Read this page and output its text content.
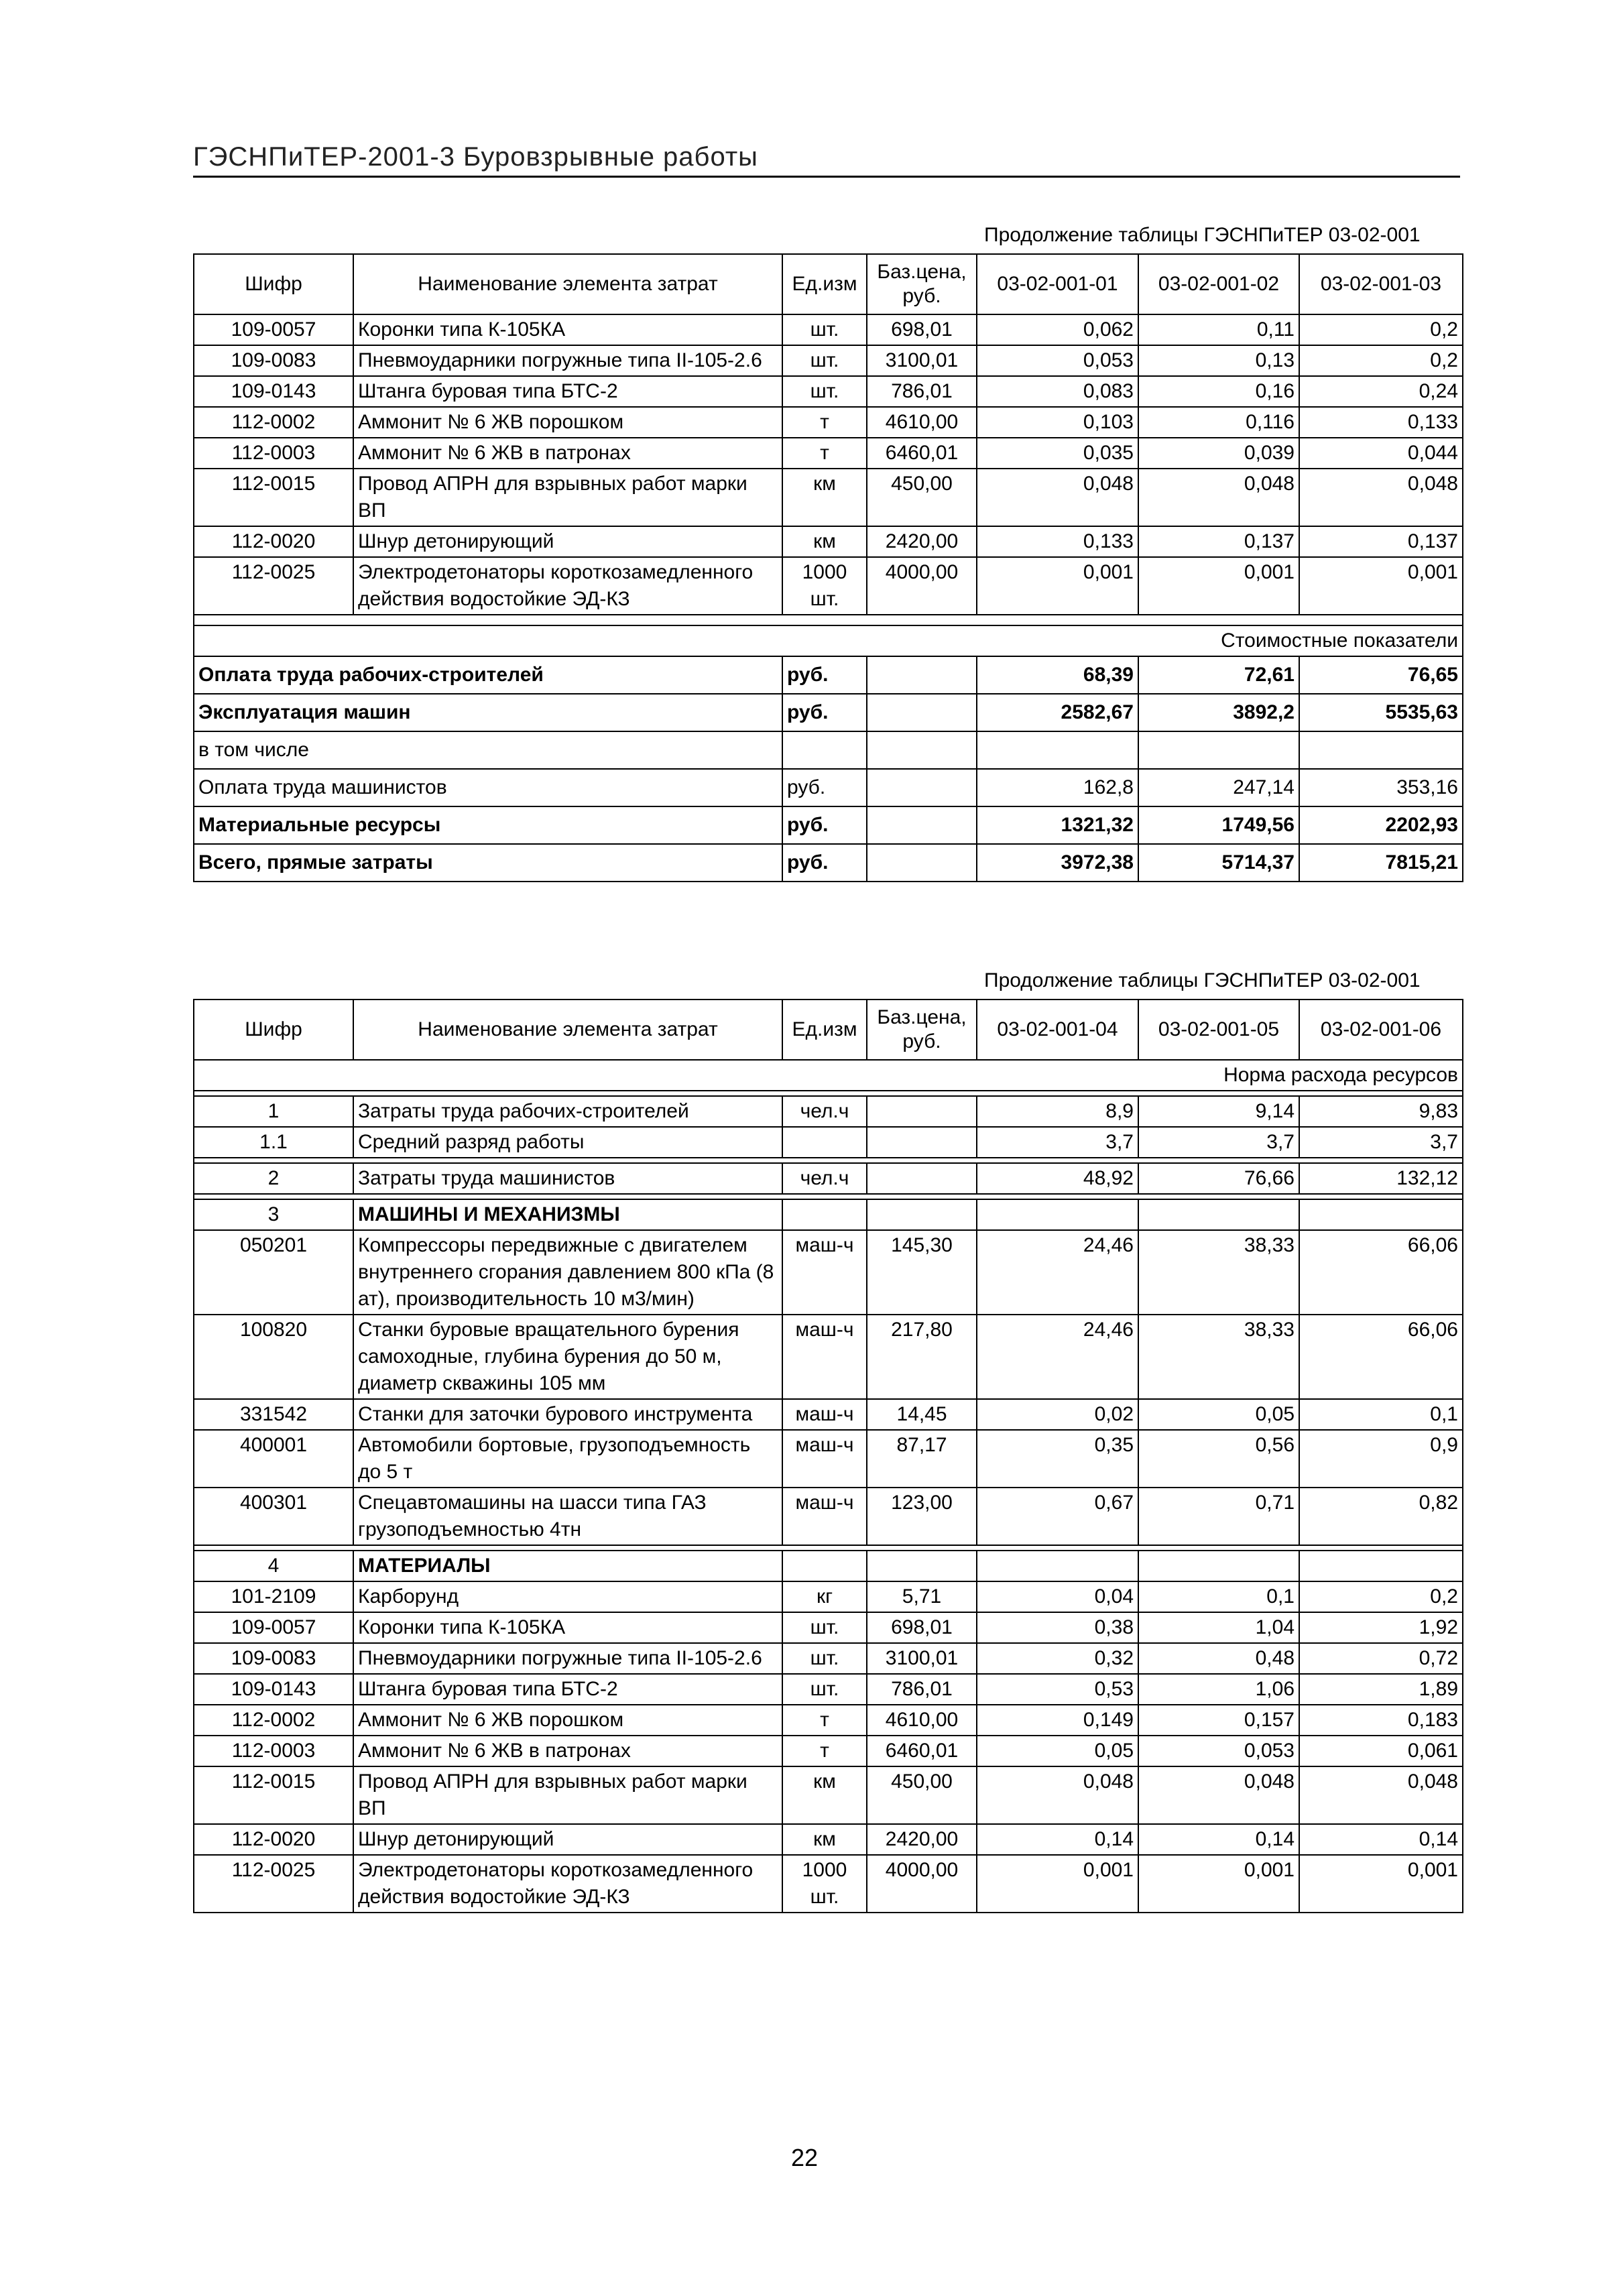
ГЭСНПиТЕР-2001-3 Буровзрывные работы
Продолжение таблицы ГЭСНПиТЕР 03-02-001
Шифр	Наименование элемента затрат	Ед.изм	Баз.цена, руб.	03-02-001-01	03-02-001-02	03-02-001-03
109-0057	Коронки типа К-105КА	шт.	698,01	0,062	0,11	0,2
109-0083	Пневмоударники погружные типа II-105-2.6	шт.	3100,01	0,053	0,13	0,2
109-0143	Штанга буровая типа БТС-2	шт.	786,01	0,083	0,16	0,24
112-0002	Аммонит № 6 ЖВ порошком	т	4610,00	0,103	0,116	0,133
112-0003	Аммонит № 6 ЖВ в патронах	т	6460,01	0,035	0,039	0,044
112-0015	Провод АПРН для взрывных работ марки ВП	км	450,00	0,048	0,048	0,048
112-0020	Шнур детонирующий	км	2420,00	0,133	0,137	0,137
112-0025	Электродетонаторы короткозамедленного действия водостойкие ЭД-КЗ	1000 шт.	4000,00	0,001	0,001	0,001

Стоимостные показатели						
Оплата труда рабочих-строителей		руб.		68,39	72,61	76,65
Эксплуатация машин		руб.		2582,67	3892,2	5535,63
в том числе						
Оплата труда машинистов		руб.		162,8	247,14	353,16
Материальные ресурсы		руб.		1321,32	1749,56	2202,93
Всего, прямые затраты		руб.		3972,38	5714,37	7815,21
Продолжение таблицы ГЭСНПиТЕР 03-02-001
Шифр	Наименование элемента затрат	Ед.изм	Баз.цена, руб.	03-02-001-04	03-02-001-05	03-02-001-06
Норма расхода ресурсов						

1	Затраты труда рабочих-строителей	чел.ч		8,9	9,14	9,83
1.1	Средний разряд работы			3,7	3,7	3,7

2	Затраты труда машинистов	чел.ч		48,92	76,66	132,12

3	МАШИНЫ И МЕХАНИЗМЫ					
050201	Компрессоры передвижные с двигателем внутреннего сгорания давлением 800 кПа (8 ат), производительность 10 м3/мин)	маш-ч	145,30	24,46	38,33	66,06
100820	Станки буровые вращательного бурения самоходные, глубина бурения до 50 м, диаметр скважины 105 мм	маш-ч	217,80	24,46	38,33	66,06
331542	Станки для заточки бурового инструмента	маш-ч	14,45	0,02	0,05	0,1
400001	Автомобили бортовые, грузоподъемность до 5 т	маш-ч	87,17	0,35	0,56	0,9
400301	Спецавтомашины на шасси типа ГАЗ грузоподъемностью 4тн	маш-ч	123,00	0,67	0,71	0,82

4	МАТЕРИАЛЫ					
101-2109	Карборунд	кг	5,71	0,04	0,1	0,2
109-0057	Коронки типа К-105КА	шт.	698,01	0,38	1,04	1,92
109-0083	Пневмоударники погружные типа II-105-2.6	шт.	3100,01	0,32	0,48	0,72
109-0143	Штанга буровая типа БТС-2	шт.	786,01	0,53	1,06	1,89
112-0002	Аммонит № 6 ЖВ порошком	т	4610,00	0,149	0,157	0,183
112-0003	Аммонит № 6 ЖВ в патронах	т	6460,01	0,05	0,053	0,061
112-0015	Провод АПРН для взрывных работ марки ВП	км	450,00	0,048	0,048	0,048
112-0020	Шнур детонирующий	км	2420,00	0,14	0,14	0,14
112-0025	Электродетонаторы короткозамедленного действия водостойкие ЭД-КЗ	1000 шт.	4000,00	0,001	0,001	0,001
22
